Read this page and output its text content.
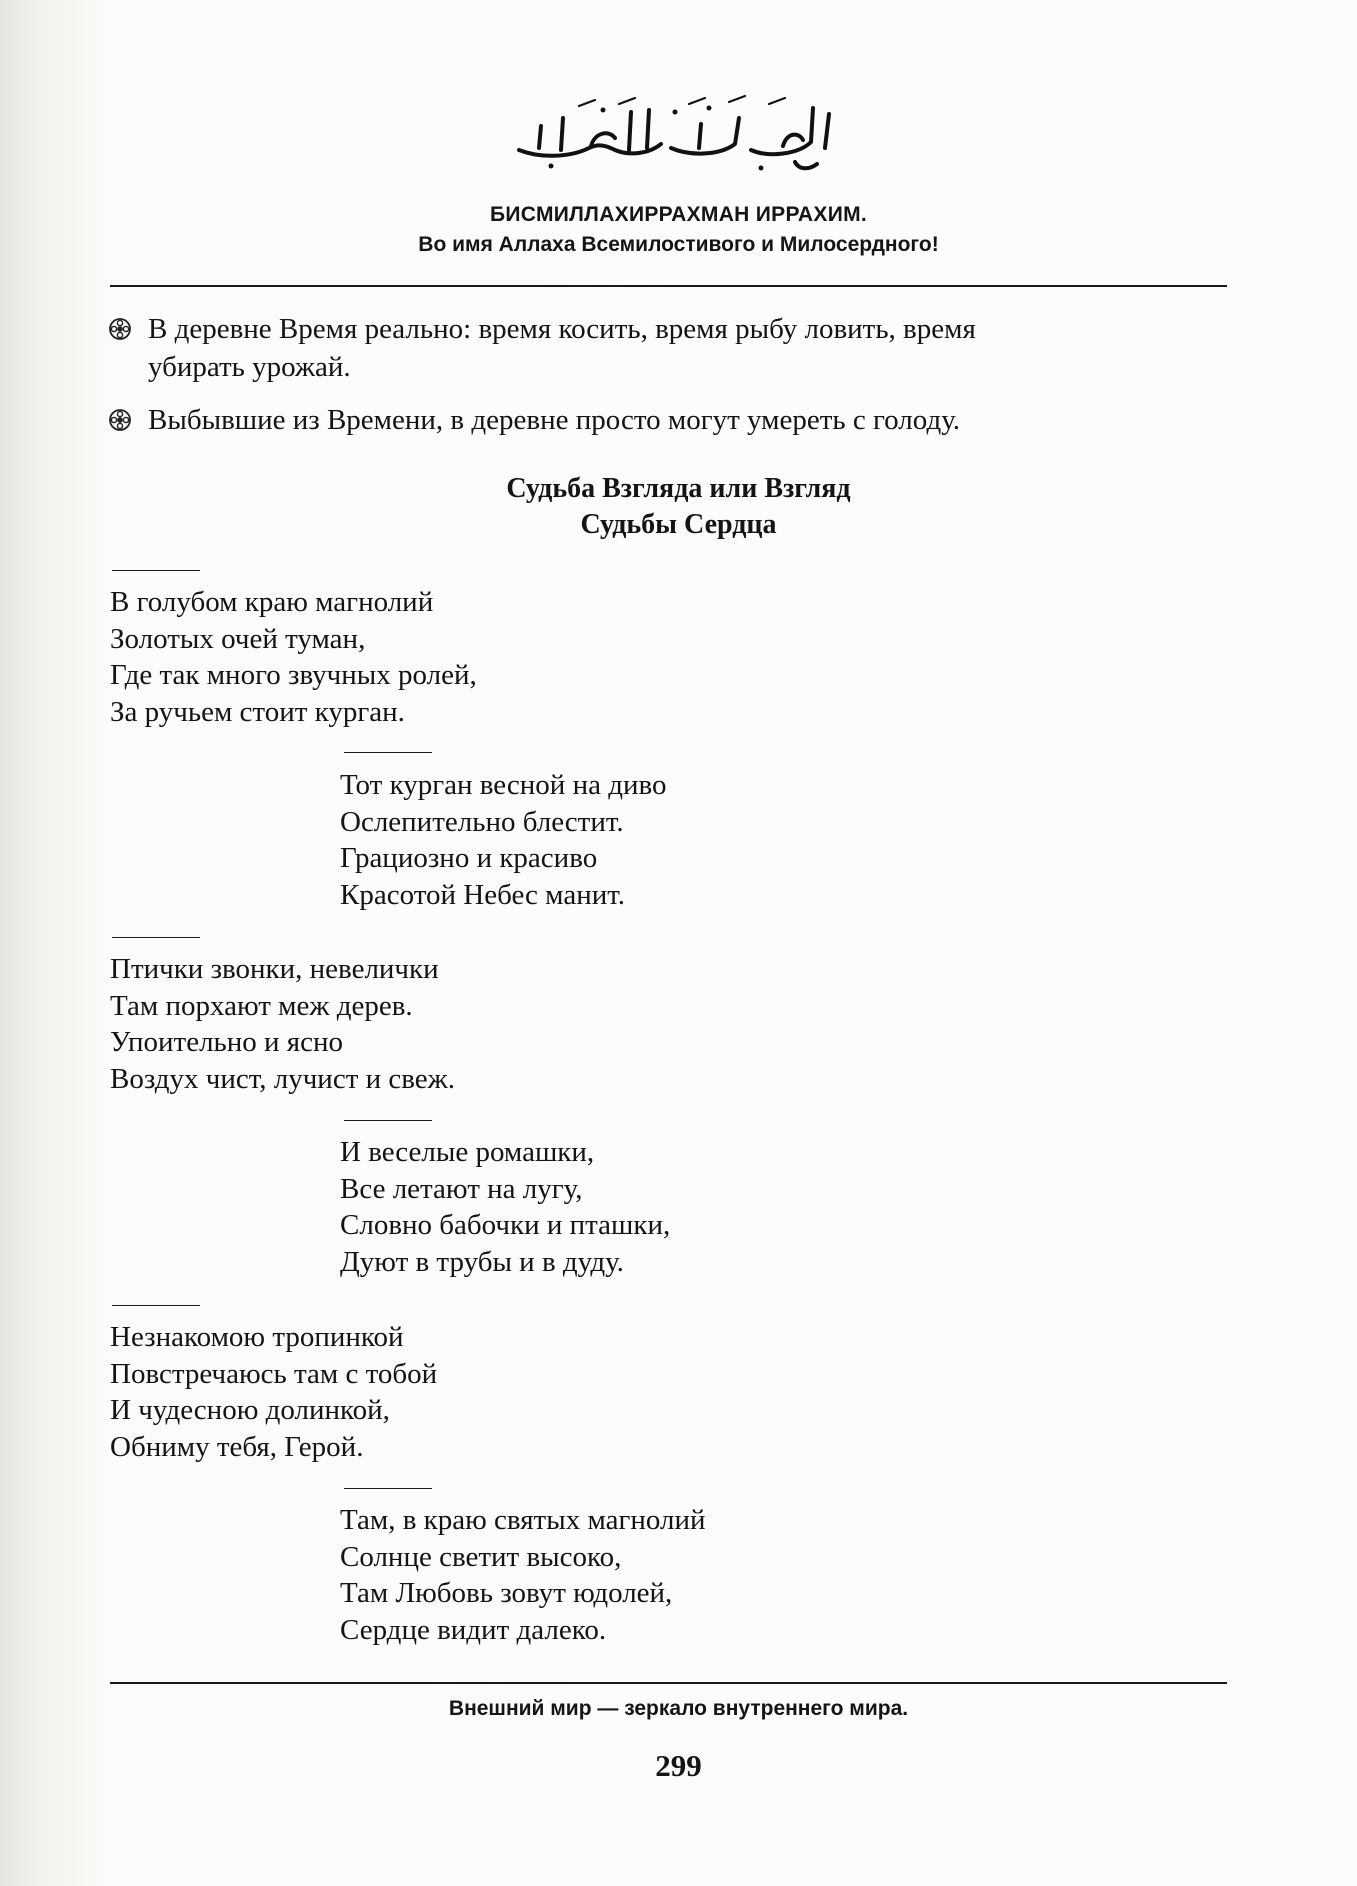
БИСМИЛЛАХИРРАХМАН ИРРАХИМ.
Во имя Аллаха Всемилостивого и Милосердного!
В деревне Время реально: время косить, время рыбу ловить, время
убирать урожай.
Выбывшие из Времени, в деревне просто могут умереть с голоду.
Судьба Взгляда или Взгляд
Судьбы Сердца
В голубом краю магнолий
Золотых очей туман,
Где так много звучных ролей,
За ручьем стоит курган.
Тот курган весной на диво
Ослепительно блестит.
Грациозно и красиво
Красотой Небес манит.
Птички звонки, невелички
Там порхают меж дерев.
Упоительно и ясно
Воздух чист, лучист и свеж.
И веселые ромашки,
Все летают на лугу,
Словно бабочки и пташки,
Дуют в трубы и в дуду.
Незнакомою тропинкой
Повстречаюсь там с тобой
И чудесною долинкой,
Обниму тебя, Герой.
Там, в краю святых магнолий
Солнце светит высоко,
Там Любовь зовут юдолей,
Сердце видит далеко.
Внешний мир — зеркало внутреннего мира.
299
